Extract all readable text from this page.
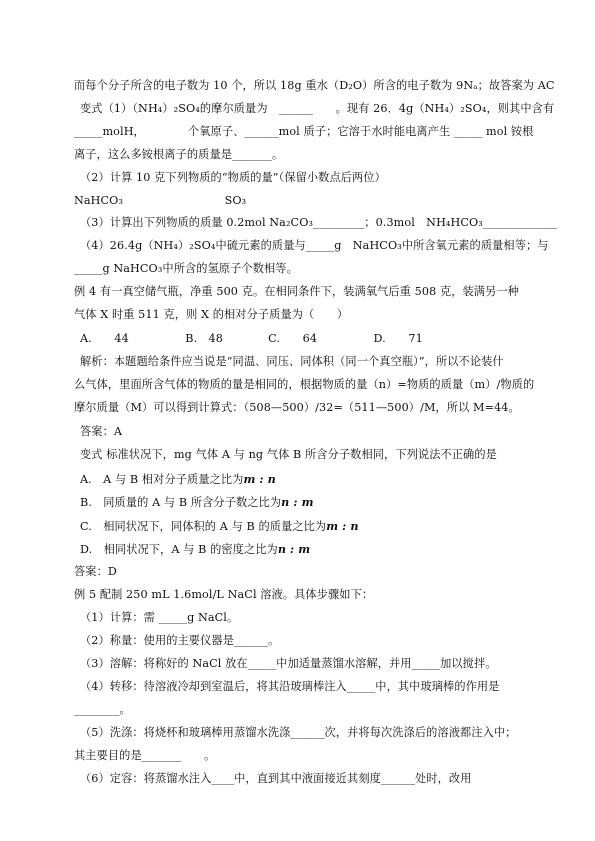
而每个分子所含的电子数为 10 个，所以 18g 重水（D₂O）所含的电子数为 9Nₐ；故答案为 AC
变式（1）（NH₄）₂SO₄的摩尔质量为　______　　。现有 26．4g（NH₄）₂SO₄，则其中含有
_____molH，　　　　 个氧原子、______mol 质子；它溶于水时能电离产生 _____ mol 铵根
离子，这么多铵根离子的质量是_______。
（2）计算 10 克下列物质的“物质的量”（保留小数点后两位）
NaHCO₃　　　　　　　　　SO₃
（3）计算出下列物质的质量 0.2mol Na₂CO₃_________；0.3mol　NH₄HCO₃_____________
（4）26.4g（NH₄）₂SO₄中硫元素的质量与_____g　NaHCO₃中所含氧元素的质量相等；与
_____g NaHCO₃中所含的氢原子个数相等。
例 4 有一真空储气瓶，净重 500 克。在相同条件下，装满氧气后重 508 克，装满另一种
气体 X 时重 511 克，则 X 的相对分子质量为（　　）
A.　　44　　　　　B.　48　　　　C.　　64　　　　　D.　　71
解析：本题题给条件应当说是“同温、同压、同体积（同一个真空瓶）”，所以不论装什
么气体，里面所含气体的物质的量是相同的，根据物质的量（n）=物质的质量（m）/物质的
摩尔质量（M）可以得到计算式：（508—500）/32=（511—500）/M，所以 M=44。
答案：A
变式 标准状况下，mg 气体 A 与 ng 气体 B 所含分子数相同，下列说法不正确的是
A.　A 与 B 相对分子质量之比为m : n
B.　同质量的 A 与 B 所含分子数之比为n : m
C.　相同状况下，同体积的 A 与 B 的质量之比为m : n
D.　相同状况下，A 与 B 的密度之比为n : m
答案：D
例 5 配制 250 mL 1.6mol/L NaCl 溶液。具体步骤如下：
（1）计算：需 _____g NaCl。
（2）称量：使用的主要仪器是______。
（3）溶解：将称好的 NaCl 放在_____中加适量蒸馏水溶解，并用_____加以搅拌。
（4）转移：待溶液冷却到室温后，将其沿玻璃棒注入_____中，其中玻璃棒的作用是
________。
（5）洗涤：将烧杯和玻璃棒用蒸馏水洗涤______次，并将每次洗涤后的溶液都注入中；
其主要目的是_______　　。
（6）定容：将蒸馏水注入____中，直到其中液面接近其刻度______处时，改用
